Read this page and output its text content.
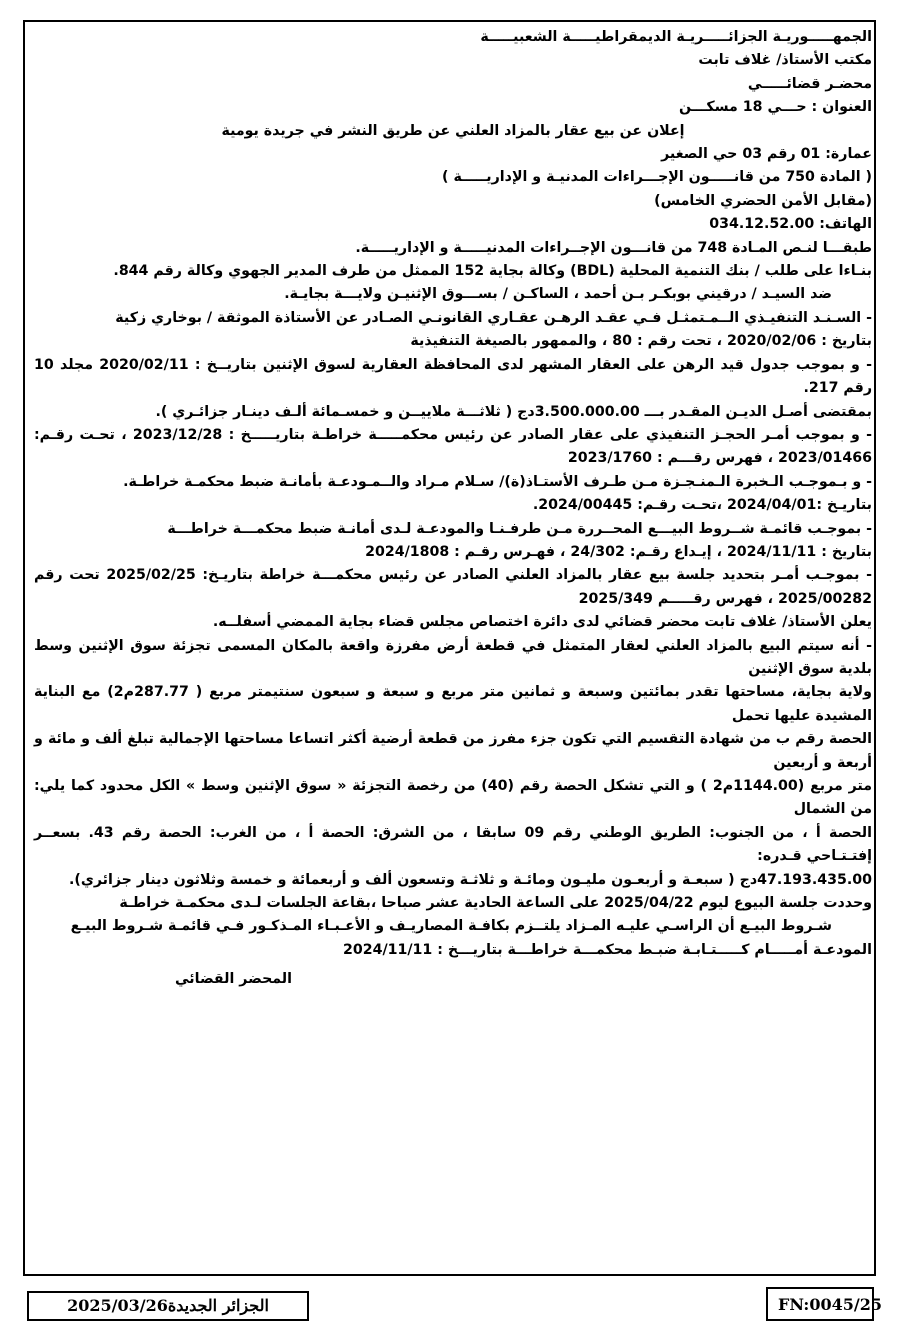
الجمهـــــوريـة الجزائـــــريـة الديمقراطيـــــة الشعبيـــــة

مكتب الأستاذ/ غلاف تابت

محضـر قضائـــــي

العنوان : حـــي 18 مسكـــن

إعلان عن بيع عقار بالمزاد العلني عن طريق النشر في جريدة يومية

عمارة: 01 رقم 03 حي الصغير

( المادة 750 من قانـــــون الإجـــراءات المدنيـة و الإداريـــــة )

(مقابل الأمن الحضري الخامس)

الهاتف: 034.12.52.00

طبقـــا لنـص المـادة 748 من قانـــون الإجــراءات المدنيـــــة و الإداريـــــة.

بنـاءا على طلب / بنك التنمية المحلية (BDL) وكالة بجاية 152 الممثل من طرف المدير الجهوي وكالة رقم 844.

ضد السيـد / درقيني بوبكـر بـن أحمد ، الساكـن / بســـوق الإثنيـن ولايـــة بجايـة.

- السـنـد التنفيـذي الــمـتمثـل فـي عقـد الرهـن عقـاري القانونـي الصـادر عن الأستاذة الموثقة / بوخاري زكية

بتاريخ : 2020/02/06 ، تحت رقم : 80 ، والممهور بالصيغة التنفيذية

- و بموجب جدول قيد الرهن على العقار المشهر لدى المحافظة العقارية لسوق الإثنين بتاريــخ : 2020/02/11 مجلد 10 رقم 217.

بمقتضى أصـل الديـن المقـدر بـــ 3.500.000.00دج ( ثلاثـــة ملاييــن و خمسـمائة ألـف دينـار جزائـري ).

- و بموجب أمـر الحجـز التنفيذي على عقار الصادر عن رئيس محكمـــــة خراطـة بتاريـــــخ : 2023/12/28 ، تحـت رقـم: 2023/01466 ، فهرس رقـــم : 2023/1760

- و بـموجـب الـخبرة الـمنـجـزة مـن طـرف الأستـاذ(ة)/ سـلام مـراد والــمـودعـة بأمانـة ضبط محكمـة خراطـة.

بتاريـخ :2024/04/01 ،تحـت رقـم: 2024/00445.

- بموجـب قائمـة شــروط البيـــع المحــررة مـن طرفـنـا والمودعـة لـدى أمانـة ضبط محكمـــة خراطـــة

بتاريخ : 2024/11/11 ، إيـداع رقـم: 24/302 ، فهـرس رقـم : 2024/1808

- بموجـب أمـر بتحديد جلسة بيع عقار بالمزاد العلني الصادر عن رئيس محكمـــة خراطة بتاريـخ: 2025/02/25 تحت رقم 2025/00282 ، فهرس رقـــــم 2025/349

يعلن الأستاذ/ غلاف تابت محضر قضائي لدى دائرة اختصاص مجلس قضاء بجاية الممضي أسفلــه.

- أنه سيتم البيع بالمزاد العلني لعقار المتمثل في قطعة أرض مفرزة واقعة بالمكان المسمى تجزئة سوق الإثنين وسط بلدية سوق الإثنين

ولاية بجاية، مساحتها تقدر بمائتين وسبعة و ثمانين متر مربع و سبعة و سبعون سنتيمتر مربع ( 287.77م2) مع البناية المشيدة عليها تحمل

الحصة رقم ب من شهادة التقسيم التي تكون جزء مفرز من قطعة أرضية أكثر اتساعا مساحتها الإجمالية تبلغ ألف و مائة و أربعة و أربعين

متر مربع (1144.00م2 ) و التي تشكل الحصة رقم (40) من رخصة التجزئة « سوق الإثنين وسط » الكل محدود كما يلي: من الشمال

الحصة أ ، من الجنوب: الطريق الوطني رقم 09 سابقا ، من الشرق: الحصة أ ، من الغرب: الحصة رقم 43. بسعــر إفتـتـاحي قـدره:

47.193.435.00دج ( سبعـة و أربعـون مليـون ومائـة و ثلاثـة وتسعون ألف و أربعمائة و خمسة وثلاثون دينار جزائري).

وحددت جلسة البيوع ليوم 2025/04/22 على الساعة الحادية عشر صباحا ،بقاعة الجلسات لـدى محكمـة خراطـة

شـروط البيـع أن الراسـي عليـه المـزاد يلتــزم بكافـة المصاريـف و الأعـبـاء المـذكـور فـي قائمـة شـروط البيـع

المودعـة أمـــــام كـــــتـابـة ضبـط محكمـــة خراطـــة بتاريـــخ : 2024/11/11

المحضر القضائي

الجزائر الجديدة2025/03/26	FN:0045/25
